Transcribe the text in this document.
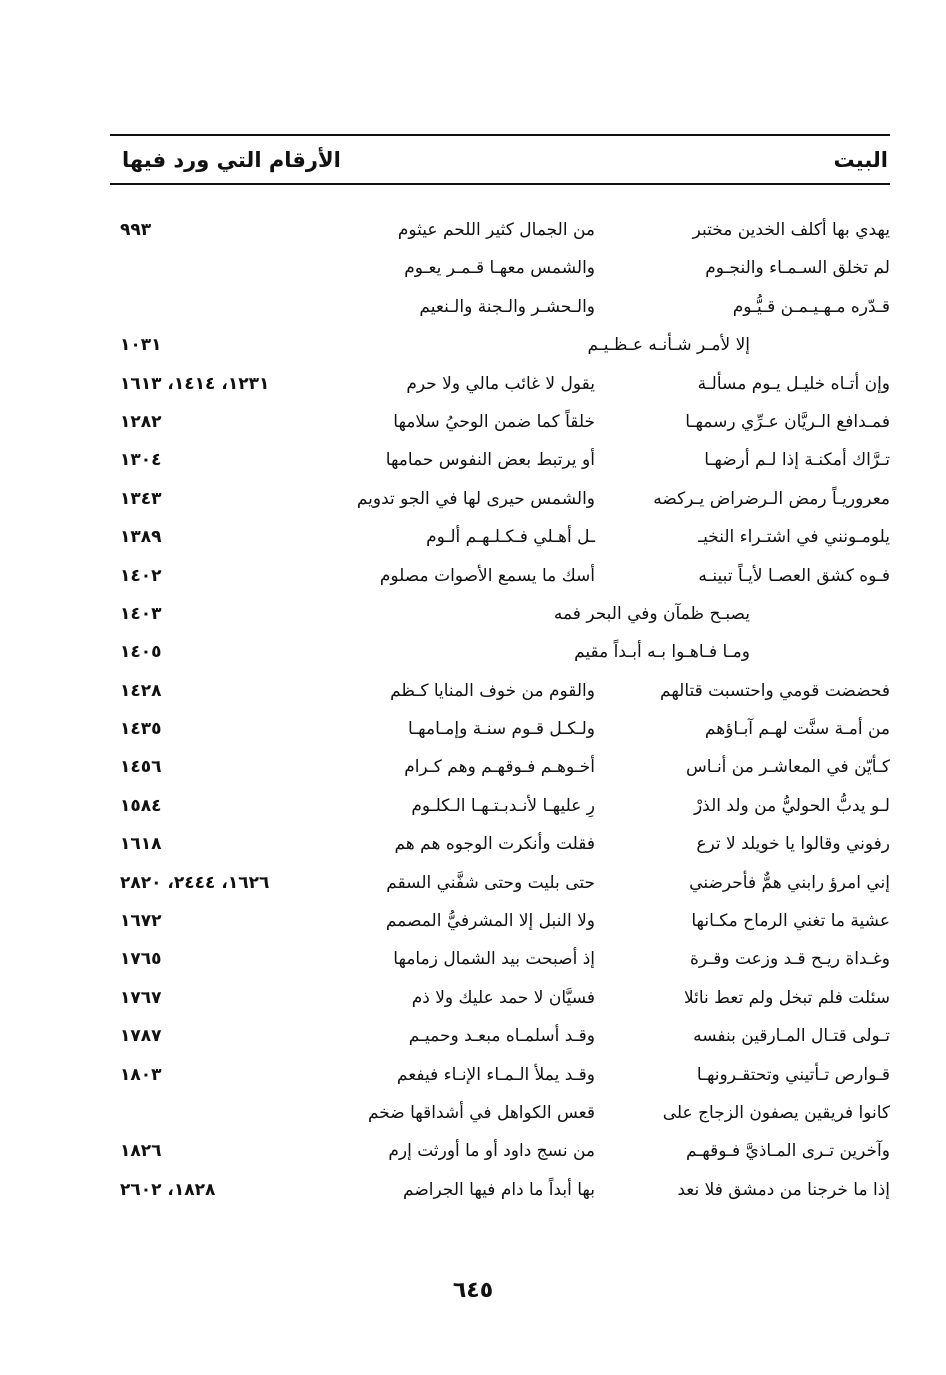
البيت
الأرقام التي ورد فيها
يهدي بها أكلف الخدين مختبر
من الجمال كثير اللحم عيثوم
٩٩٣
لم تخلق السـمـاء والنجـوم
والشمس معهـا قـمـر يعـوم
قـدّره مـهـيـمـن قـيُّـوم
والـحشـر والـجنة والـنعيم
إلا لأمـر شـأنـه عـظـيـم
١٠٣١
وإن أتـاه خليـل يـوم مسألـة
يقول لا غائب مالي ولا حرم
١٢٣١، ١٤١٤، ١٦١٣
فمـدافع الـريَّان عـرِّي رسمهـا
خلقاً كما ضمن الوحيُ سلامها
١٢٨٢
تـرَّاك أمكنـة إذا لـم أرضهـا
أو يرتبط بعض النفوس حمامها
١٣٠٤
معروريـاً رمض الـرضراض يـركضه
والشمس حيرى لها في الجو تدويم
١٣٤٣
يلومـونني في اشتـراء النخيـ
ـل أهـلي فـكـلـهـم ألـوم
١٣٨٩
فـوه كشق العصـا لأيـاً تبينـه
أسك ما يسمع الأصوات مصلوم
١٤٠٢
يصبـح ظمآن وفي البحر فمه
١٤٠٣
ومـا فـاهـوا بـه أبـداً مقيم
١٤٠٥
فحضضت قومي واحتسبت قتالهم
والقوم من خوف المنايا كـظم
١٤٢٨
من أمـة سنَّت لهـم آبـاؤهم
ولـكـل قـوم سنـة وإمـامهـا
١٤٣٥
كـأيّن في المعاشـر من أنـاس
أخـوهـم فـوقهـم وهم كـرام
١٤٥٦
لـو يدبُّ الحوليُّ من ولد الذرْ
رِ عليهـا لأنـدبـتـهـا الـكلـوم
١٥٨٤
رفوني وقالوا يا خويلد لا ترع
فقلت وأنكرت الوجوه هم هم
١٦١٨
إني امرؤ رابني همٌّ فأحرضني
حتى بليت وحتى شفَّني السقم
١٦٢٦، ٢٤٤٤، ٢٨٢٠
عشية ما تغني الرماح مكـانها
ولا النبل إلا المشرفيُّ المصمم
١٦٧٢
وغـداة ريـح قـد وزعت وقـرة
إذ أصبحت بيد الشمال زمامها
١٧٦٥
سئلت فلم تبخل ولم تعط نائلا
فسيَّان لا حمد عليك ولا ذم
١٧٦٧
تـولى قتـال المـارقين بنفسه
وقـد أسلمـاه مبعـد وحميـم
١٧٨٧
قـوارص تـأتيني وتحتقـرونهـا
وقـد يملأ الـمـاء الإنـاء فيفعم
١٨٠٣
كانوا فريقين يصفون الزجاج على
قعس الكواهل في أشداقها ضخم
وآخرين تـرى المـاذيَّ فـوقهـم
من نسج داود أو ما أورثت إرم
١٨٢٦
إذا ما خرجنا من دمشق فلا نعد
بها أبداً ما دام فيها الجراضم
١٨٢٨، ٢٦٠٢
٦٤٥
